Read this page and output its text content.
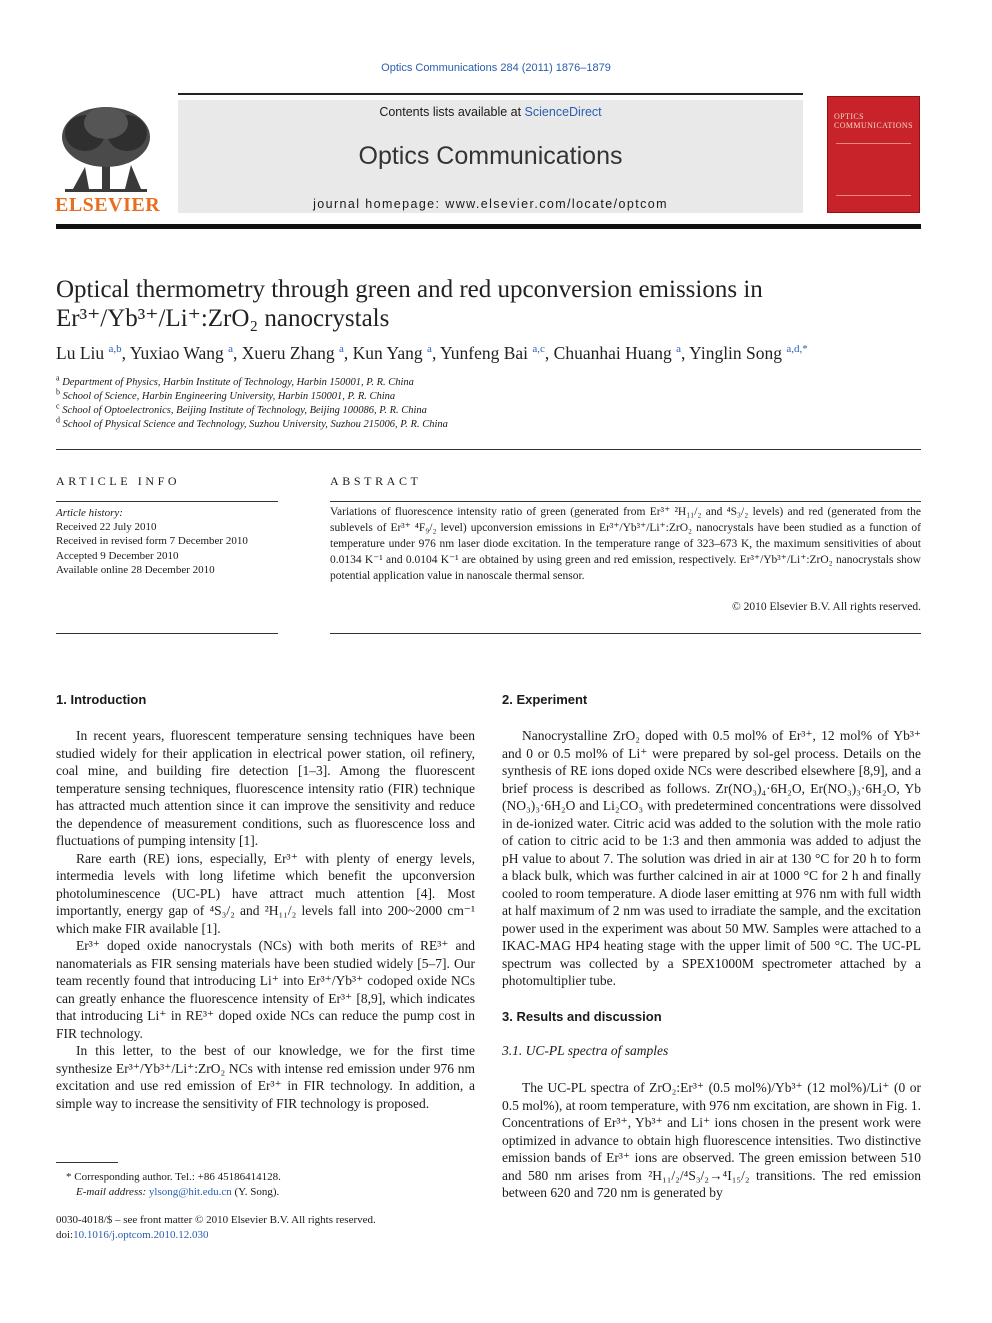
Optics Communications 284 (2011) 1876–1879
ELSEVIER
Contents lists available at ScienceDirect
Optics Communications
journal homepage: www.elsevier.com/locate/optcom
OPTICS COMMUNICATIONS
Optical thermometry through green and red upconversion emissions in
Er³⁺/Yb³⁺/Li⁺:ZrO₂ nanocrystals
Lu Liu $^{a,b}$, Yuxiao Wang $^a$, Xueru Zhang $^a$, Kun Yang $^a$, Yunfeng Bai $^{a,c}$, Chuanhai Huang $^a$, Yinglin Song $^{a,d,*}$
$^a$ Department of Physics, Harbin Institute of Technology, Harbin 150001, P. R. China
$^b$ School of Science, Harbin Engineering University, Harbin 150001, P. R. China
$^c$ School of Optoelectronics, Beijing Institute of Technology, Beijing 100086, P. R. China
$^d$ School of Physical Science and Technology, Suzhou University, Suzhou 215006, P. R. China
ARTICLE INFO
Article history:
Received 22 July 2010
Received in revised form 7 December 2010
Accepted 9 December 2010
Available online 28 December 2010
ABSTRACT
Variations of fluorescence intensity ratio of green (generated from Er³⁺ ²H₁₁/₂ and ⁴S₃/₂ levels) and red (generated from the sublevels of Er³⁺ ⁴F₉/₂ level) upconversion emissions in Er³⁺/Yb³⁺/Li⁺:ZrO₂ nanocrystals have been studied as a function of temperature under 976 nm laser diode excitation. In the temperature range of 323–673 K, the maximum sensitivities of about 0.0134 K⁻¹ and 0.0104 K⁻¹ are obtained by using green and red emission, respectively. Er³⁺/Yb³⁺/Li⁺:ZrO₂ nanocrystals show potential application value in nanoscale thermal sensor.
© 2010 Elsevier B.V. All rights reserved.
1. Introduction

In recent years, fluorescent temperature sensing techniques have been studied widely for their application in electrical power station, oil refinery, coal mine, and building fire detection [1–3]. Among the fluorescent temperature sensing techniques, fluorescence intensity ratio (FIR) technique has attracted much attention since it can improve the sensitivity and reduce the dependence of measurement conditions, such as fluorescence loss and fluctuations of pumping intensity [1].

Rare earth (RE) ions, especially, Er³⁺ with plenty of energy levels, intermedia levels with long lifetime which benefit the upconversion photoluminescence (UC-PL) have attract much attention [4]. Most importantly, energy gap of ⁴S₃/₂ and ²H₁₁/₂ levels fall into 200~2000 cm⁻¹ which make FIR available [1].

Er³⁺ doped oxide nanocrystals (NCs) with both merits of RE³⁺ and nanomaterials as FIR sensing materials have been studied widely [5–7]. Our team recently found that introducing Li⁺ into Er³⁺/Yb³⁺ codoped oxide NCs can greatly enhance the fluorescence intensity of Er³⁺ [8,9], which indicates that introducing Li⁺ in RE³⁺ doped oxide NCs can reduce the pump cost in FIR technology.

In this letter, to the best of our knowledge, we for the first time synthesize Er³⁺/Yb³⁺/Li⁺:ZrO₂ NCs with intense red emission under 976 nm excitation and use red emission of Er³⁺ in FIR technology. In addition, a simple way to increase the sensitivity of FIR technology is proposed.

* Corresponding author. Tel.: +86 45186414128.
E-mail address: ylsong@hit.edu.cn (Y. Song).
0030-4018/$ – see front matter © 2010 Elsevier B.V. All rights reserved.
doi:10.1016/j.optcom.2010.12.030
2. Experiment

Nanocrystalline ZrO₂ doped with 0.5 mol% of Er³⁺, 12 mol% of Yb³⁺ and 0 or 0.5 mol% of Li⁺ were prepared by sol-gel process. Details on the synthesis of RE ions doped oxide NCs were described elsewhere [8,9], and a brief process is described as follows. Zr(NO₃)₄·6H₂O, Er(NO₃)₃·6H₂O, Yb (NO₃)₃·6H₂O and Li₂CO₃ with predetermined concentrations were dissolved in de-ionized water. Citric acid was added to the solution with the mole ratio of cation to citric acid to be 1:3 and then ammonia was added to adjust the pH value to about 7. The solution was dried in air at 130 °C for 20 h to form a black bulk, which was further calcined in air at 1000 °C for 2 h and finally cooled to room temperature. A diode laser emitting at 976 nm with full width at half maximum of 2 nm was used to irradiate the sample, and the excitation power used in the experiment was about 50 MW. Samples were attached to a IKAC-MAG HP4 heating stage with the upper limit of 500 °C. The UC-PL spectrum was collected by a SPEX1000M spectrometer attached by a photomultiplier tube.

3. Results and discussion
3.1. UC-PL spectra of samples

The UC-PL spectra of ZrO₂:Er³⁺ (0.5 mol%)/Yb³⁺ (12 mol%)/Li⁺ (0 or 0.5 mol%), at room temperature, with 976 nm excitation, are shown in Fig. 1. Concentrations of Er³⁺, Yb³⁺ and Li⁺ ions chosen in the present work were optimized in advance to obtain high fluorescence intensities. Two distinctive emission bands of Er³⁺ ions are observed. The green emission between 510 and 580 nm arises from ²H₁₁/₂/⁴S₃/₂→⁴I₁₅/₂ transitions. The red emission between 620 and 720 nm is generated by
